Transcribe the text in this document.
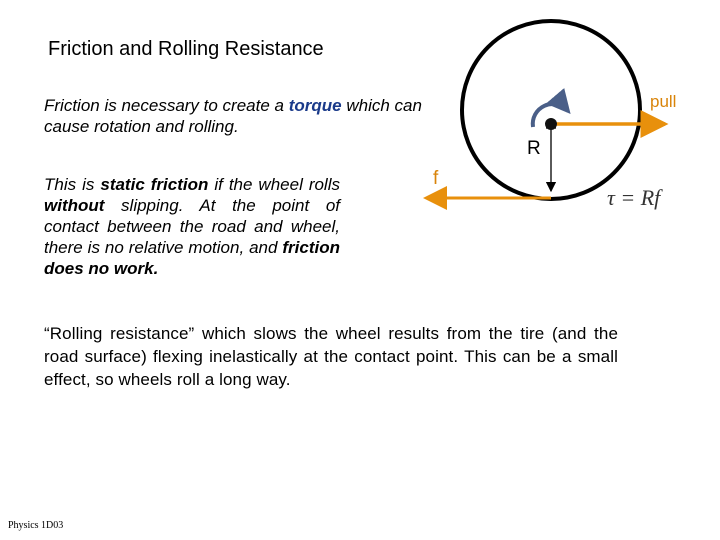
Friction and Rolling Resistance
Friction is necessary to create a torque which can cause rotation and rolling.
This is static friction if the wheel rolls without slipping. At the point of contact between the road and wheel, there is no relative motion, and friction does no work.
“Rolling resistance” which slows the wheel results from the tire (and the road surface) flexing inelastically at the contact point. This can be a small effect, so wheels roll a long way.
pull
R
f
τ = Rf
Physics 1D03
